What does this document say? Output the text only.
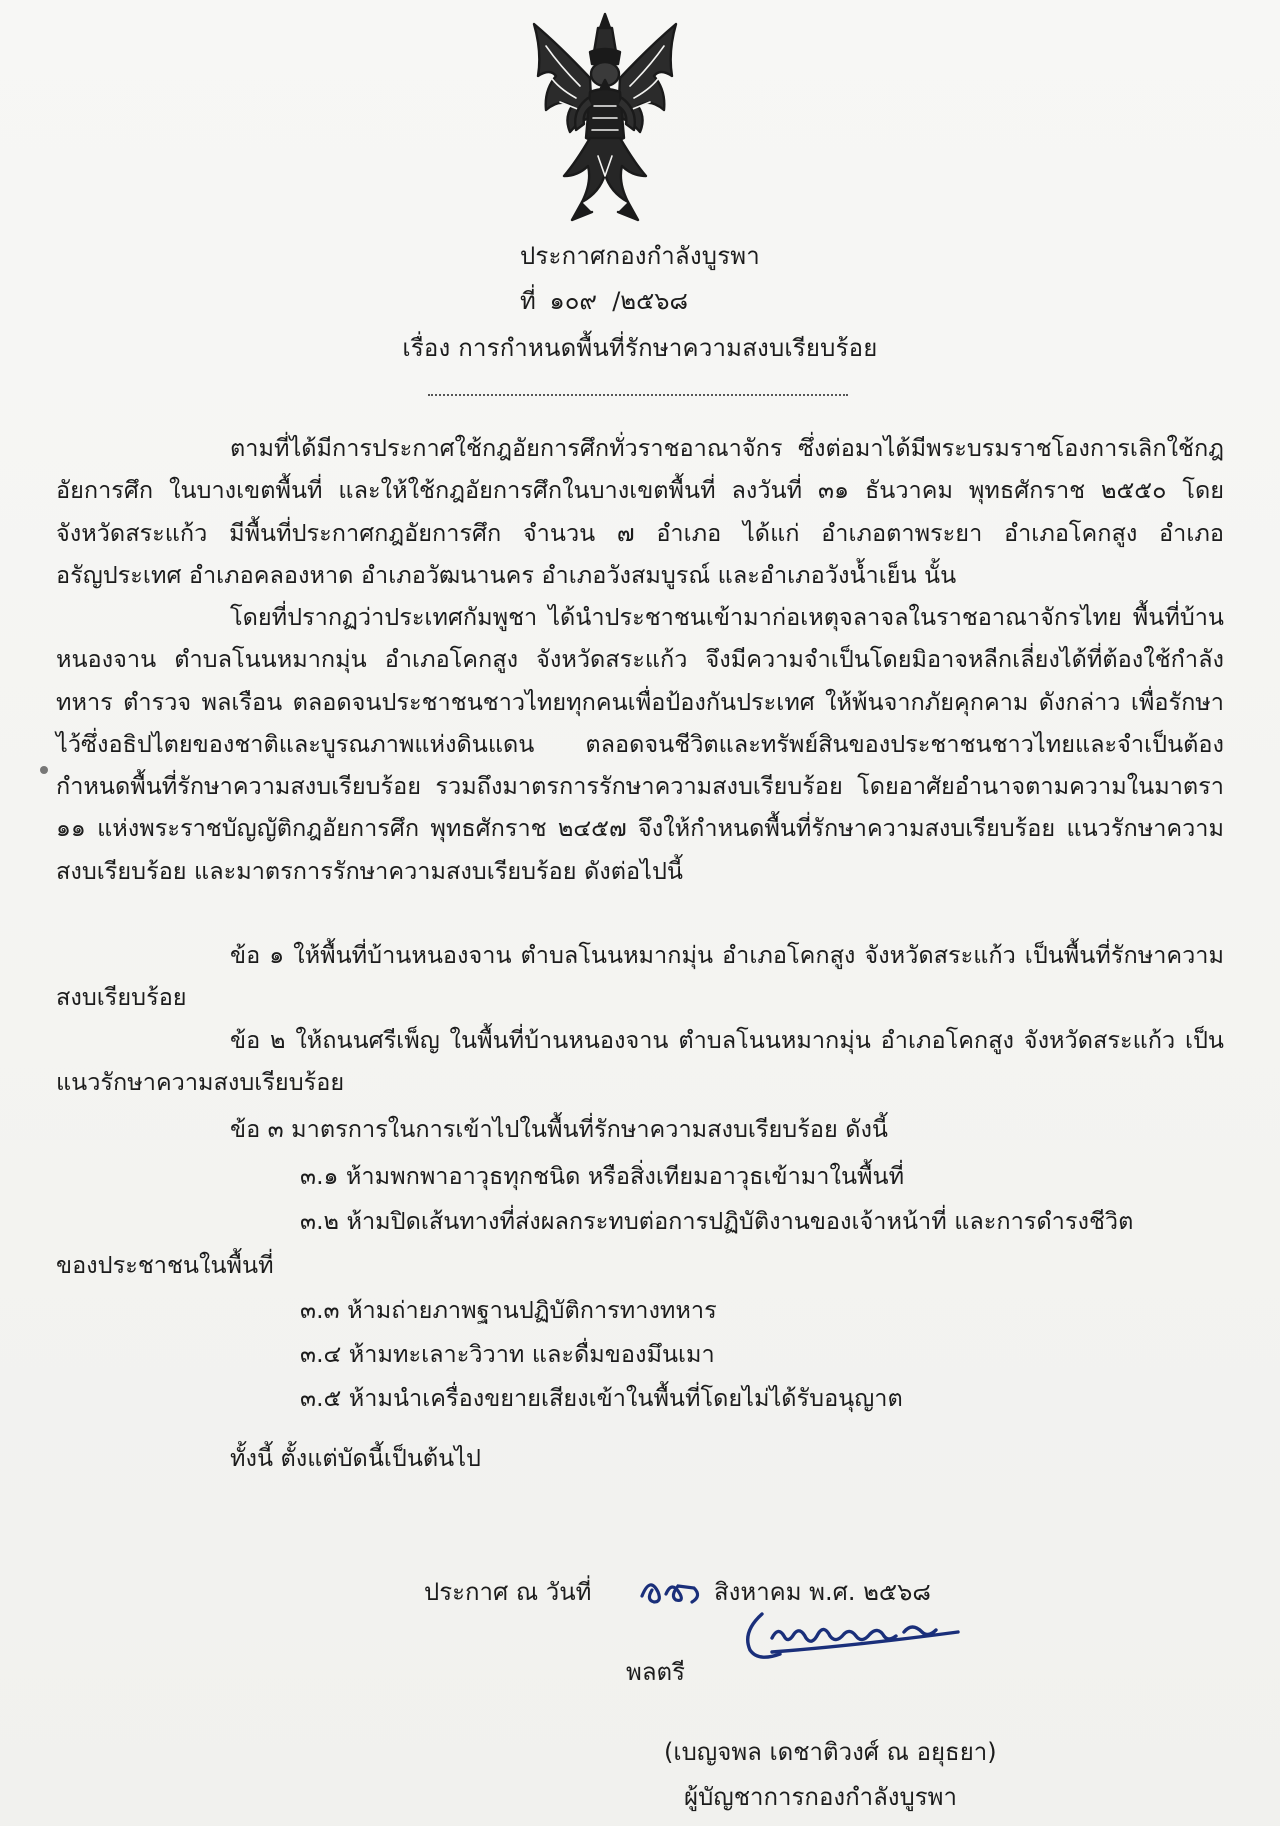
ประกาศกองกำลังบูรพา
ที่ ๑๐๙  /๒๕๖๘
เรื่อง การกำหนดพื้นที่รักษาความสงบเรียบร้อย
ตามที่ได้มีการประกาศใช้กฎอัยการศึกทั่วราชอาณาจักร ซึ่งต่อมาได้มีพระบรมราชโองการเลิกใช้กฎอัยการศึก ในบางเขตพื้นที่ และให้ใช้กฎอัยการศึกในบางเขตพื้นที่ ลงวันที่ ๓๑ ธันวาคม พุทธศักราช ๒๕๕๐ โดยจังหวัดสระแก้ว มีพื้นที่ประกาศกฎอัยการศึก จำนวน ๗ อำเภอ ได้แก่ อำเภอตาพระยา อำเภอโคกสูง อำเภออรัญประเทศ อำเภอคลองหาด อำเภอวัฒนานคร อำเภอวังสมบูรณ์ และอำเภอวังน้ำเย็น นั้น
โดยที่ปรากฏว่าประเทศกัมพูชา ได้นำประชาชนเข้ามาก่อเหตุจลาจลในราชอาณาจักรไทย พื้นที่บ้านหนองจาน ตำบลโนนหมากมุ่น อำเภอโคกสูง จังหวัดสระแก้ว จึงมีความจำเป็นโดยมิอาจหลีกเลี่ยงได้ที่ต้องใช้กำลังทหาร ตำรวจ พลเรือน ตลอดจนประชาชนชาวไทยทุกคนเพื่อป้องกันประเทศ ให้พ้นจากภัยคุกคาม ดังกล่าว เพื่อรักษาไว้ซึ่งอธิปไตยของชาติและบูรณภาพแห่งดินแดน ตลอดจนชีวิตและทรัพย์สินของประชาชนชาวไทยและจำเป็นต้องกำหนดพื้นที่รักษาความสงบเรียบร้อย รวมถึงมาตรการรักษาความสงบเรียบร้อย โดยอาศัยอำนาจตามความในมาตรา ๑๑ แห่งพระราชบัญญัติกฎอัยการศึก พุทธศักราช ๒๔๕๗ จึงให้กำหนดพื้นที่รักษาความสงบเรียบร้อย แนวรักษาความสงบเรียบร้อย และมาตรการรักษาความสงบเรียบร้อย ดังต่อไปนี้
ข้อ ๑ ให้พื้นที่บ้านหนองจาน ตำบลโนนหมากมุ่น อำเภอโคกสูง จังหวัดสระแก้ว เป็นพื้นที่รักษาความสงบเรียบร้อย
ข้อ ๒ ให้ถนนศรีเพ็ญ ในพื้นที่บ้านหนองจาน ตำบลโนนหมากมุ่น อำเภอโคกสูง จังหวัดสระแก้ว เป็นแนวรักษาความสงบเรียบร้อย
ข้อ ๓ มาตรการในการเข้าไปในพื้นที่รักษาความสงบเรียบร้อย ดังนี้
๓.๑ ห้ามพกพาอาวุธทุกชนิด หรือสิ่งเทียมอาวุธเข้ามาในพื้นที่
๓.๒ ห้ามปิดเส้นทางที่ส่งผลกระทบต่อการปฏิบัติงานของเจ้าหน้าที่ และการดำรงชีวิต
ของประชาชนในพื้นที่
๓.๓ ห้ามถ่ายภาพฐานปฏิบัติการทางทหาร
๓.๔ ห้ามทะเลาะวิวาท และดื่มของมึนเมา
๓.๕ ห้ามนำเครื่องขยายเสียงเข้าในพื้นที่โดยไม่ได้รับอนุญาต
ทั้งนี้ ตั้งแต่บัดนี้เป็นต้นไป
ประกาศ ณ วันที่
๒๔
สิงหาคม พ.ศ. ๒๕๖๘
พลตรี
(เบญจพล เดชาติวงศ์ ณ อยุธยา)
ผู้บัญชาการกองกำลังบูรพา
